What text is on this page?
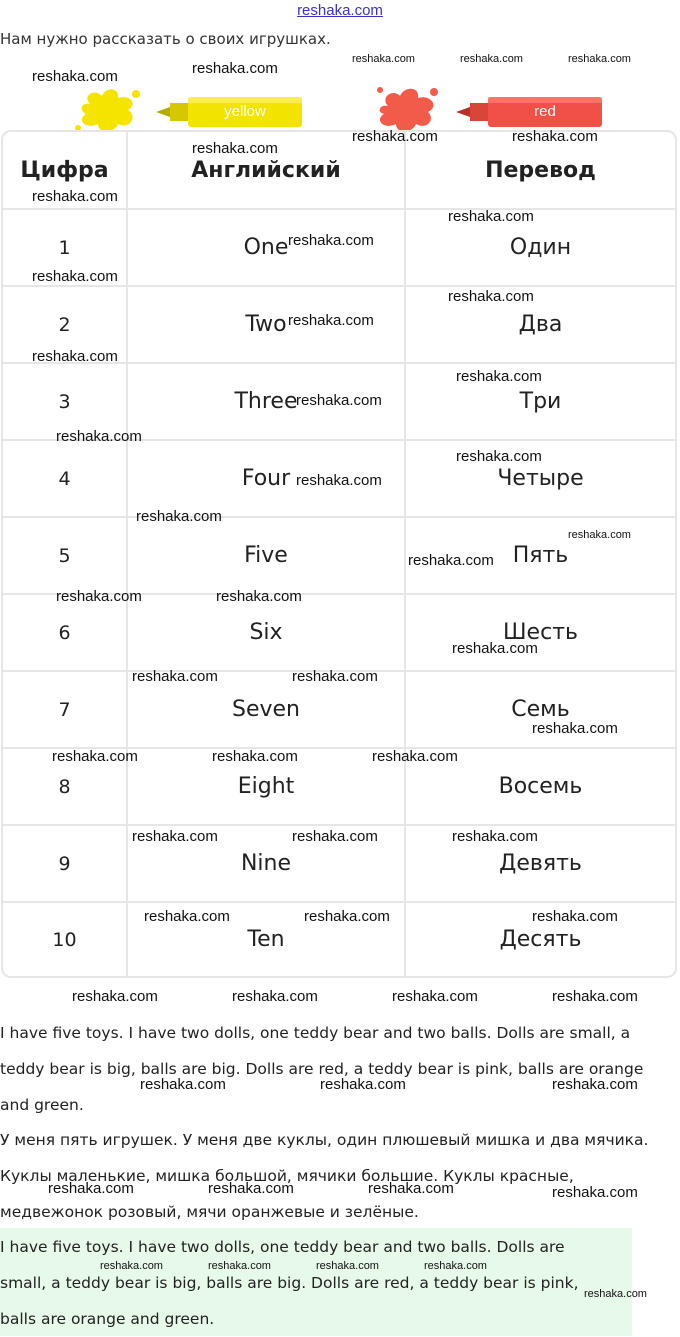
reshaka.com
Нам нужно рассказать о своих игрушках.
yellow	red
Цифра	Английский	Перевод
1	One	Один
2	Two	Два
3	Three	Три
4	Four	Четыре
5	Five	Пять
6	Six	Шесть
7	Seven	Семь
8	Eight	Восемь
9	Nine	Девять
10	Ten	Десять
I have five toys. I have two dolls, one teddy bear and two balls. Dolls are small, a
teddy bear is big, balls are big. Dolls are red, a teddy bear is pink, balls are orange
and green.
У меня пять игрушек. У меня две куклы, один плюшевый мишка и два мячика.
Куклы маленькие, мишка большой, мячики большие. Куклы красные,
медвежонок розовый, мячи оранжевые и зелёные.
I have five toys. I have two dolls, one teddy bear and two balls. Dolls are
small, a teddy bear is big, balls are big. Dolls are red, a teddy bear is pink,
balls are orange and green.
reshaka.com	reshaka.com
reshaka.com	reshaka.com	reshaka.com
reshaka.com
reshaka.com	reshaka.com
reshaka.com
reshaka.com
reshaka.com
reshaka.com
reshaka.com
reshaka.com
reshaka.com
reshaka.com
reshaka.com
reshaka.com
reshaka.com
reshaka.com
reshaka.com
reshaka.com
reshaka.com
reshaka.com	reshaka.com
reshaka.com
reshaka.com	reshaka.com
reshaka.com
reshaka.com	reshaka.com	reshaka.com
reshaka.com	reshaka.com	reshaka.com
reshaka.com	reshaka.com	reshaka.com
reshaka.com	reshaka.com	reshaka.com	reshaka.com
reshaka.com	reshaka.com	reshaka.com
reshaka.com	reshaka.com	reshaka.com	reshaka.com
reshaka.com	reshaka.com	reshaka.com	reshaka.com
reshaka.com
